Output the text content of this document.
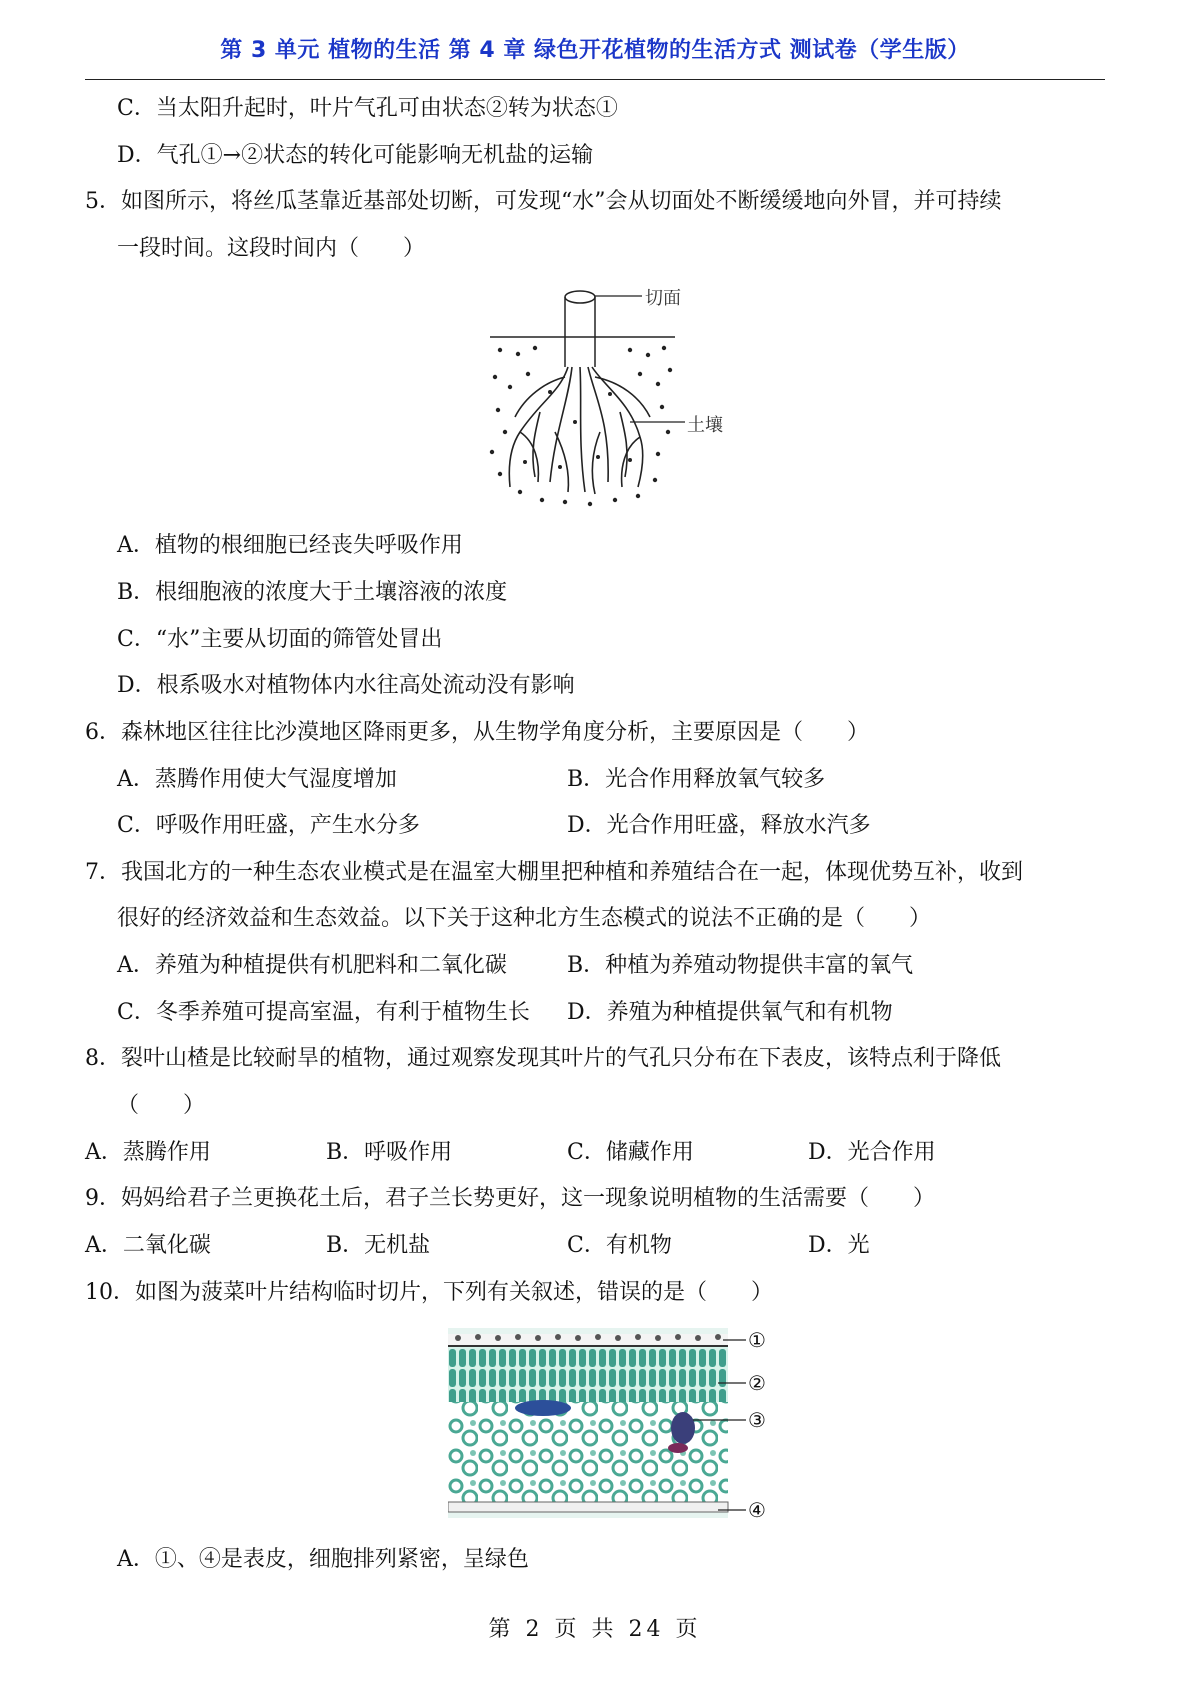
第 3 单元 植物的生活 第 4 章 绿色开花植物的生活方式 测试卷（学生版）
C．当太阳升起时，叶片气孔可由状态②转为状态①
D．气孔①→②状态的转化可能影响无机盐的运输
5．如图所示，将丝瓜茎靠近基部处切断，可发现“水”会从切面处不断缓缓地向外冒，并可持续
一段时间。这段时间内（　　）
切面
土壤
A．植物的根细胞已经丧失呼吸作用
B．根细胞液的浓度大于土壤溶液的浓度
C．“水”主要从切面的筛管处冒出
D．根系吸水对植物体内水往高处流动没有影响
6．森林地区往往比沙漠地区降雨更多，从生物学角度分析，主要原因是（　　）
A．蒸腾作用使大气湿度增加	B．光合作用释放氧气较多
C．呼吸作用旺盛，产生水分多	D．光合作用旺盛，释放水汽多
7．我国北方的一种生态农业模式是在温室大棚里把种植和养殖结合在一起，体现优势互补，收到
很好的经济效益和生态效益。以下关于这种北方生态模式的说法不正确的是（　　）
A．养殖为种植提供有机肥料和二氧化碳	B．种植为养殖动物提供丰富的氧气
C．冬季养殖可提高室温，有利于植物生长 D．养殖为种植提供氧气和有机物
8．裂叶山楂是比较耐旱的植物，通过观察发现其叶片的气孔只分布在下表皮，该特点利于降低
（　　）
A．蒸腾作用	B．呼吸作用	C．储藏作用	D．光合作用
9．妈妈给君子兰更换花土后，君子兰长势更好，这一现象说明植物的生活需要（　　）
A．二氧化碳	B．无机盐	C．有机物	D．光
10．如图为菠菜叶片结构临时切片，下列有关叙述，错误的是（　　）
①
②
③
④
A．①、④是表皮，细胞排列紧密，呈绿色
第 2 页 共 24 页
